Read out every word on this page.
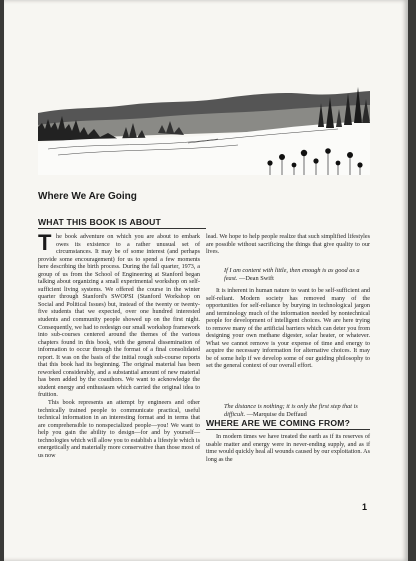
Where We Are Going
WHAT THIS BOOK IS ABOUT
T he book adventure on which you are about to embark owes its existence to a rather unusual set of circumstances. It may be of some interest (and perhaps provide some encouragement) for us to spend a few moments here describing the birth process. During the fall quarter, 1973, a group of us from the School of Engineering at Stanford began talking about organizing a small experimental workshop on self-sufficient living systems. We offered the course in the winter quarter through Stanford's SWOPSI (Stanford Workshop on Social and Political Issues) but, instead of the twenty or twenty-five students that we expected, over one hundred interested students and community people showed up on the first night. Consequently, we had to redesign our small workshop framework into sub-courses centered around the themes of the various chapters found in this book, with the general dissemination of information to occur through the format of a final consolidated report. It was on the basis of the initial rough sub-course reports that this book had its beginning. The original material has been reworked considerably, and a substantial amount of new material has been added by the coauthors. We want to acknowledge the student energy and enthusiasm which carried the original idea to fruition.
This book represents an attempt by engineers and other technically trained people to communicate practical, useful technical information in an interesting format and in terms that are comprehensible to nonspecialized people—you! We want to help you gain the ability to design—for and by yourself—technologies which will allow you to establish a lifestyle which is energetically and materially more conservative than those most of us now

lead. We hope to help people realize that such simplified lifestyles are possible without sacrificing the things that give quality to our lives.

If I am content with little, then enough is as good as a feast. —Dean Swift

It is inherent in human nature to want to be self-sufficient and self-reliant. Modern society has removed many of the opportunities for self-reliance by burying in technological jargon and terminology much of the information needed by nontechnical people for development of intelligent choices. We are here trying to remove many of the artificial barriers which can deter you from designing your own methane digester, solar heater, or whatever. What we cannot remove is your expense of time and energy to acquire the necessary information for alternative choices. It may be of some help if we develop some of our guiding philosophy to set the general context of our overall effort.

The distance is nothing; it is only the first step that is difficult. —Marquise du Deffaud

WHERE ARE WE COMING FROM?

In modern times we have treated the earth as if its reserves of usable matter and energy were in never-ending supply, and as if time would quickly heal all wounds caused by our exploitation. As long as the

1
